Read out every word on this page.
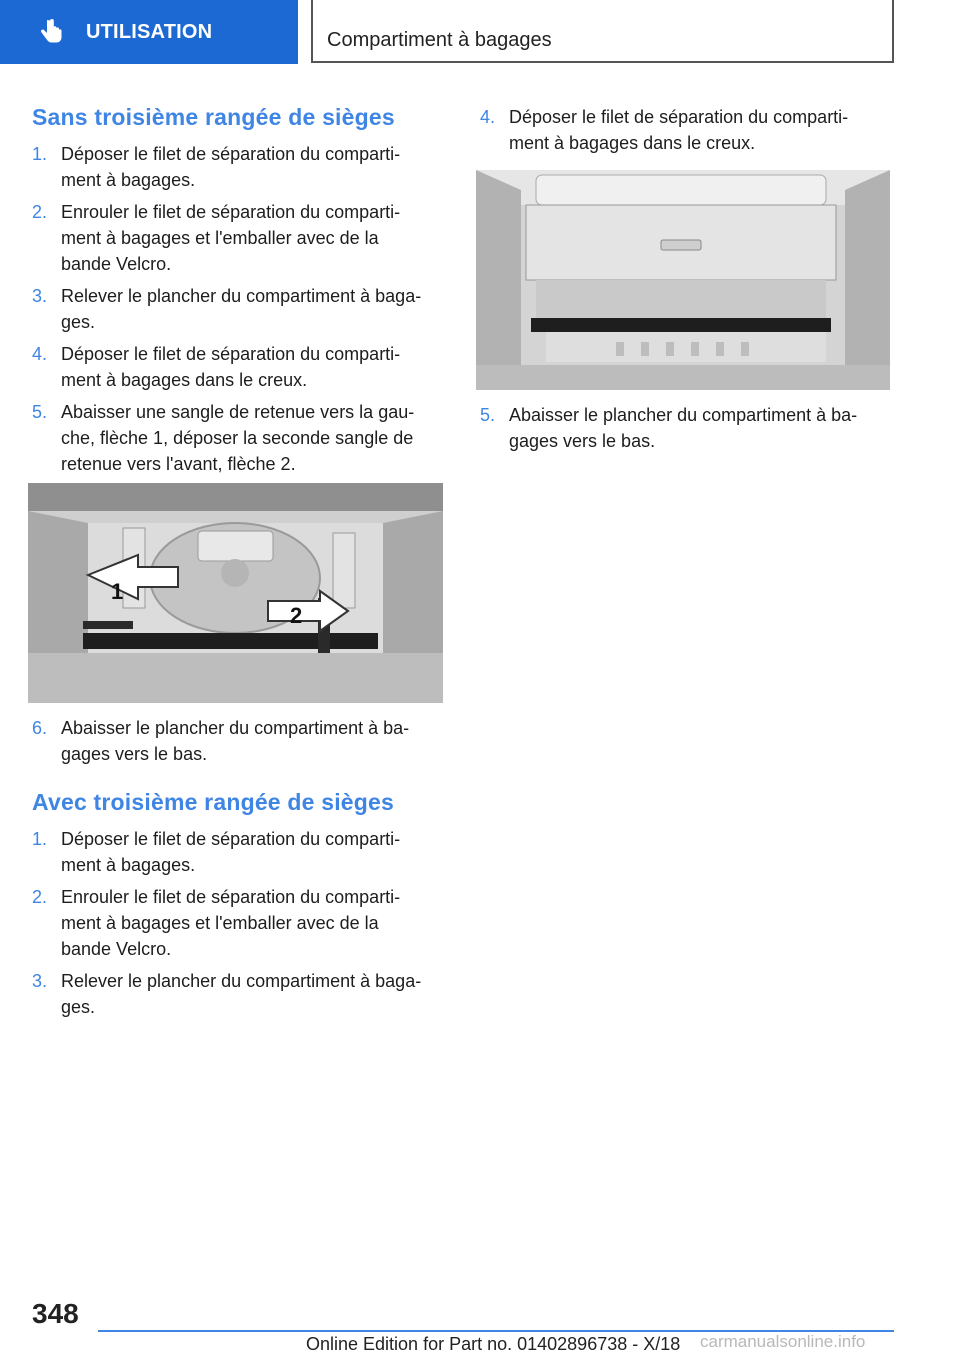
UTILISATION	Compartiment à bagages
Sans troisième rangée de sièges
1. Déposer le filet de séparation du comparti‐
ment à bagages.
2. Enrouler le filet de séparation du comparti‐
ment à bagages et l'emballer avec de la
bande Velcro.
3. Relever le plancher du compartiment à baga‐
ges.
4. Déposer le filet de séparation du comparti‐
ment à bagages dans le creux.
5. Abaisser une sangle de retenue vers la gau‐
che, flèche 1, déposer la seconde sangle de
retenue vers l'avant, flèche 2.
1
2
6. Abaisser le plancher du compartiment à ba‐
gages vers le bas.
Avec troisième rangée de sièges
1. Déposer le filet de séparation du comparti‐
ment à bagages.
2. Enrouler le filet de séparation du comparti‐
ment à bagages et l'emballer avec de la
bande Velcro.
3. Relever le plancher du compartiment à baga‐
ges.
4. Déposer le filet de séparation du comparti‐
ment à bagages dans le creux.
5. Abaisser le plancher du compartiment à ba‐
gages vers le bas.
348
Online Edition for Part no. 01402896738 - X/18 carmanualsonline.info
